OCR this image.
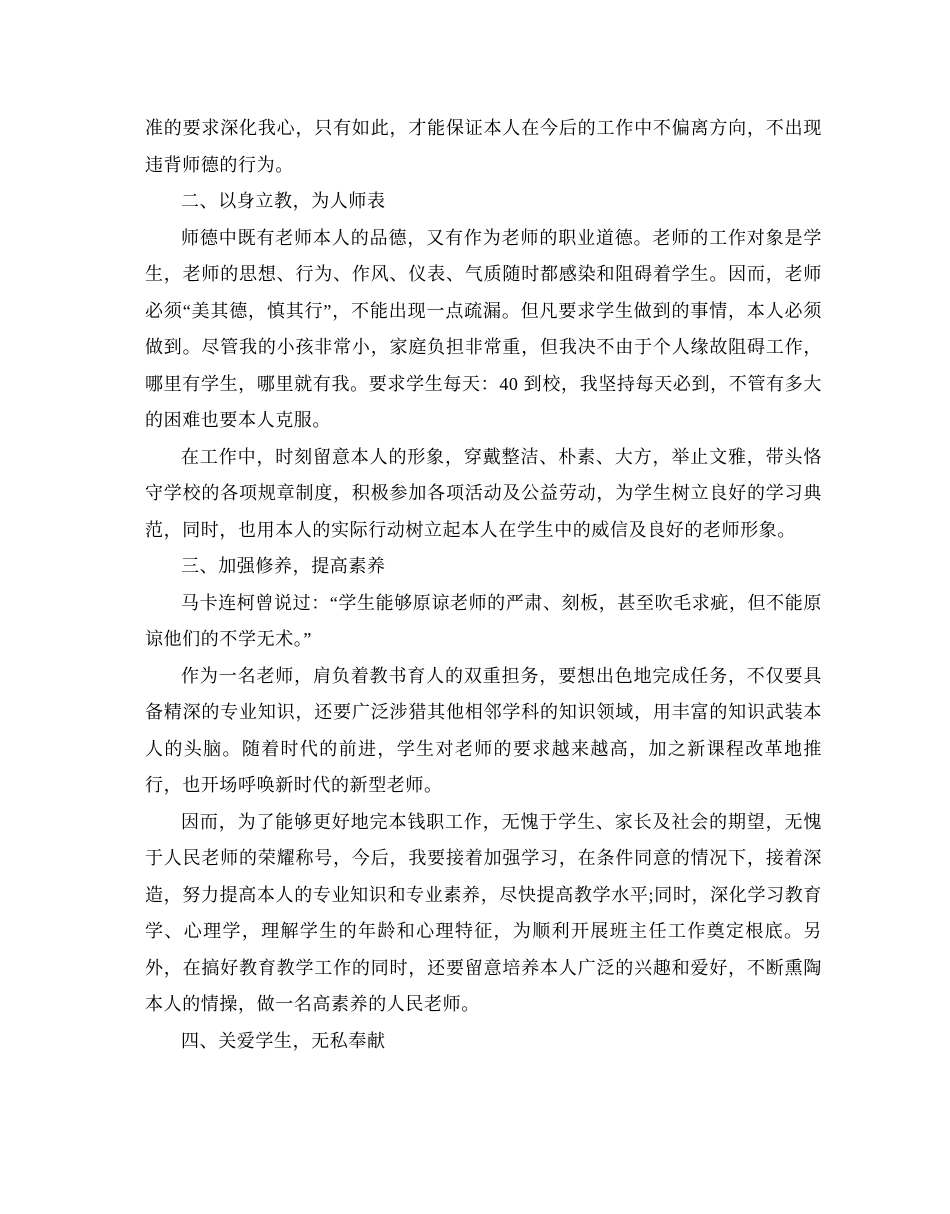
准的要求深化我心，只有如此，才能保证本人在今后的工作中不偏离方向，不出现违背师德的行为。

二、以身立教，为人师表

师德中既有老师本人的品德，又有作为老师的职业道德。老师的工作对象是学生，老师的思想、行为、作风、仪表、气质随时都感染和阻碍着学生。因而，老师必须“美其德，慎其行”，不能出现一点疏漏。但凡要求学生做到的事情，本人必须做到。尽管我的小孩非常小，家庭负担非常重，但我决不由于个人缘故阻碍工作，哪里有学生，哪里就有我。要求学生每天：40 到校，我坚持每天必到，不管有多大的困难也要本人克服。

在工作中，时刻留意本人的形象，穿戴整洁、朴素、大方，举止文雅，带头恪守学校的各项规章制度，积极参加各项活动及公益劳动，为学生树立良好的学习典范，同时，也用本人的实际行动树立起本人在学生中的威信及良好的老师形象。

三、加强修养，提高素养

马卡连柯曾说过：“学生能够原谅老师的严肃、刻板，甚至吹毛求疵，但不能原谅他们的不学无术。”

作为一名老师，肩负着教书育人的双重担务，要想出色地完成任务，不仅要具备精深的专业知识，还要广泛涉猎其他相邻学科的知识领域，用丰富的知识武装本人的头脑。随着时代的前进，学生对老师的要求越来越高，加之新课程改革地推行，也开场呼唤新时代的新型老师。

因而，为了能够更好地完本钱职工作，无愧于学生、家长及社会的期望，无愧于人民老师的荣耀称号，今后，我要接着加强学习，在条件同意的情况下，接着深造，努力提高本人的专业知识和专业素养，尽快提高教学水平;同时，深化学习教育学、心理学，理解学生的年龄和心理特征，为顺利开展班主任工作奠定根底。另外，在搞好教育教学工作的同时，还要留意培养本人广泛的兴趣和爱好，不断熏陶本人的情操，做一名高素养的人民老师。

四、关爱学生，无私奉献
